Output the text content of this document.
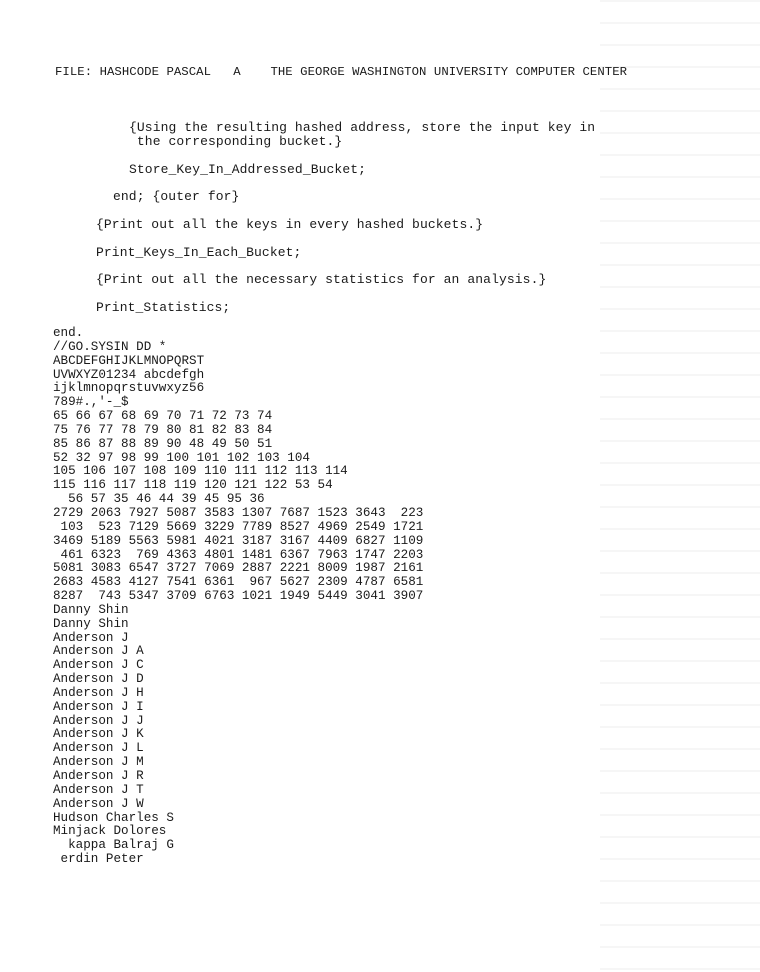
FILE: HASHCODE PASCAL   A    THE GEORGE WASHINGTON UNIVERSITY COMPUTER CENTER
{Using the resulting hashed address, store the input key in
the corresponding bucket.}
Store_Key_In_Addressed_Bucket;
end; {outer for}
{Print out all the keys in every hashed buckets.}
Print_Keys_In_Each_Bucket;
{Print out all the necessary statistics for an analysis.}
Print_Statistics;
end.
//GO.SYSIN DD *
ABCDEFGHIJKLMNOPQRST
UVWXYZ01234 abcdefgh
ijklmnopqrstuvwxyz56
789#.,'-_$
65 66 67 68 69 70 71 72 73 74
75 76 77 78 79 80 81 82 83 84
85 86 87 88 89 90 48 49 50 51
52 32 97 98 99 100 101 102 103 104
105 106 107 108 109 110 111 112 113 114
115 116 117 118 119 120 121 122 53 54
56 57 35 46 44 39 45 95 36
2729 2063 7927 5087 3583 1307 7687 1523 3643  223
103  523 7129 5669 3229 7789 8527 4969 2549 1721
3469 5189 5563 5981 4021 3187 3167 4409 6827 1109
461 6323  769 4363 4801 1481 6367 7963 1747 2203
5081 3083 6547 3727 7069 2887 2221 8009 1987 2161
2683 4583 4127 7541 6361  967 5627 2309 4787 6581
8287  743 5347 3709 6763 1021 1949 5449 3041 3907
Danny Shin
Danny Shin
Anderson J
Anderson J A
Anderson J C
Anderson J D
Anderson J H
Anderson J I
Anderson J J
Anderson J K
Anderson J L
Anderson J M
Anderson J R
Anderson J T
Anderson J W
Hudson Charles S
Minjack Dolores
kappa Balraj G
erdin Peter
